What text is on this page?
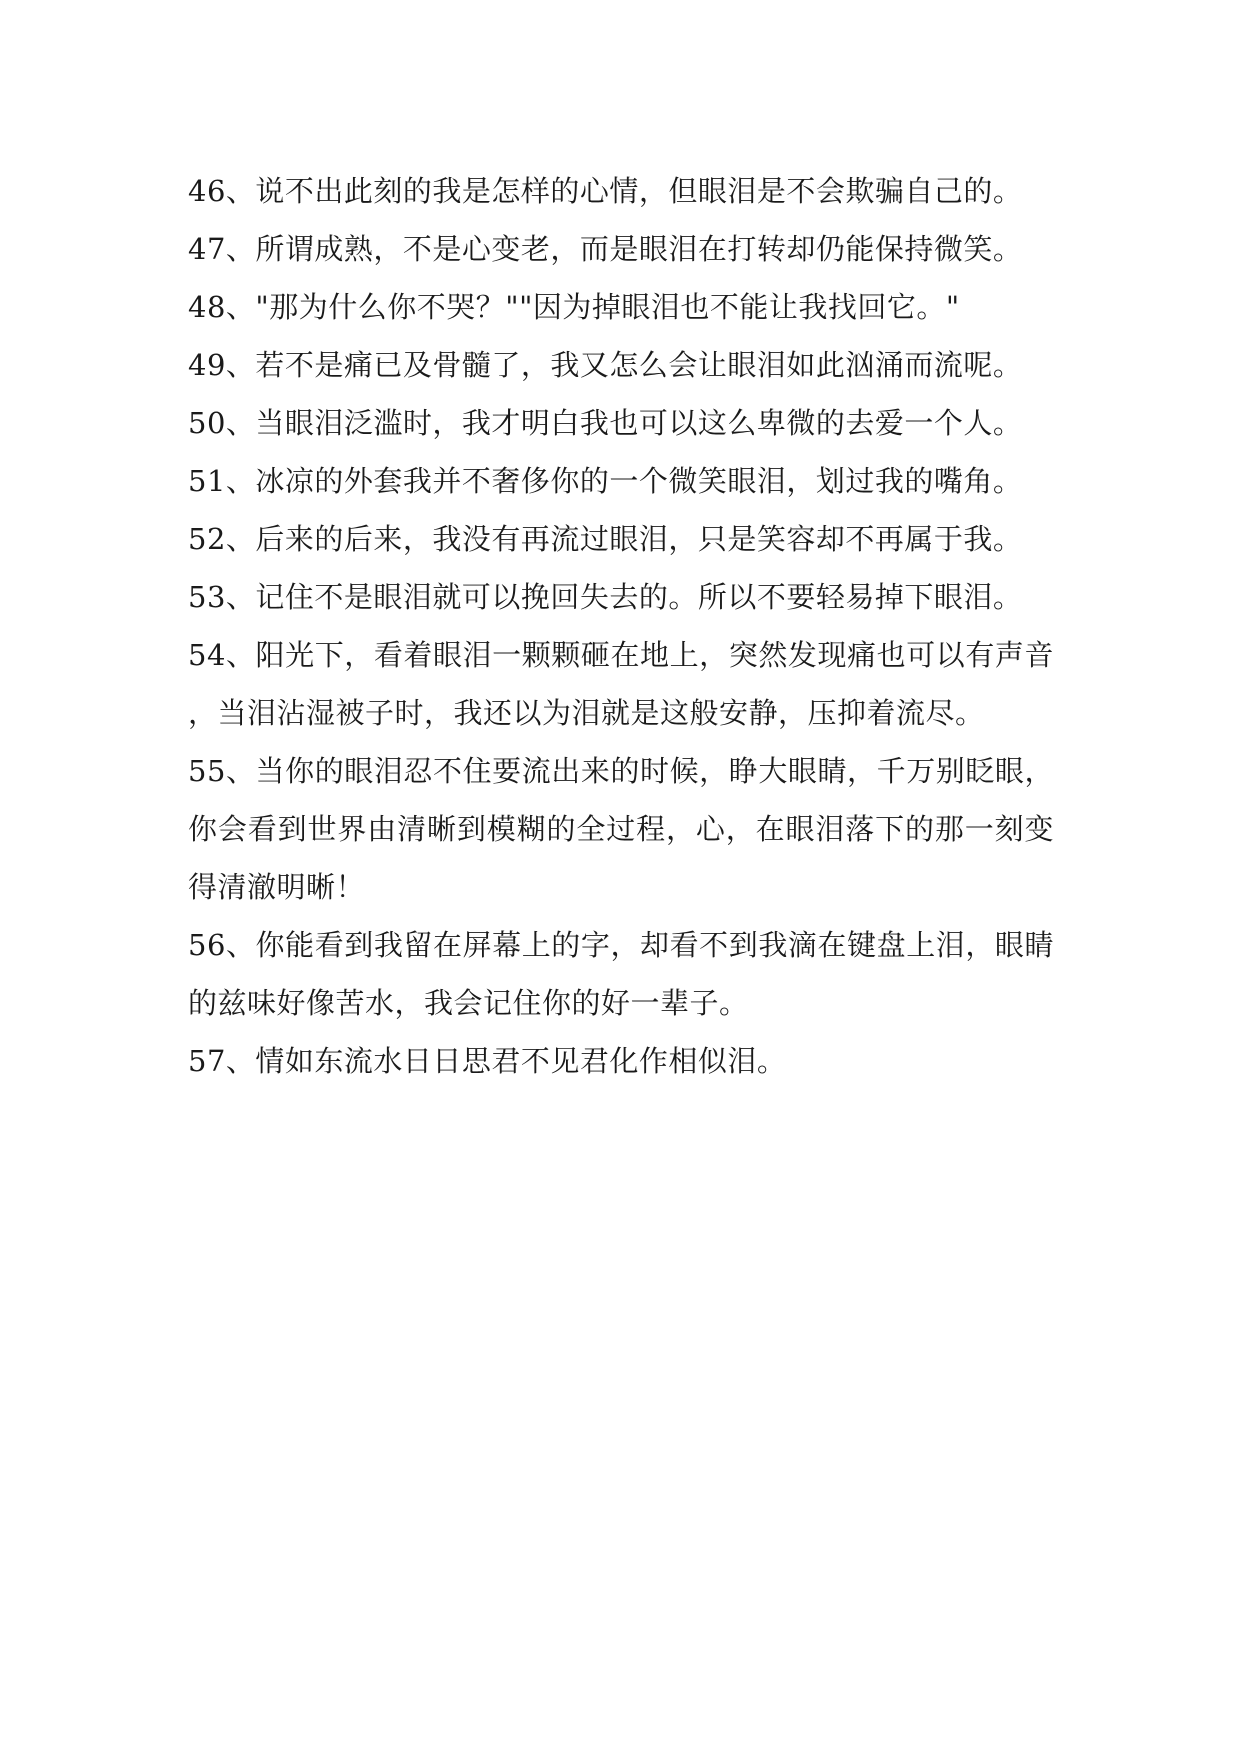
46、说不出此刻的我是怎样的心情，但眼泪是不会欺骗自己的。

47、所谓成熟，不是心变老，而是眼泪在打转却仍能保持微笑。

48、"那为什么你不哭？""因为掉眼泪也不能让我找回它。"

49、若不是痛已及骨髓了，我又怎么会让眼泪如此汹涌而流呢。

50、当眼泪泛滥时，我才明白我也可以这么卑微的去爱一个人。

51、冰凉的外套我并不奢侈你的一个微笑眼泪，划过我的嘴角。

52、后来的后来，我没有再流过眼泪，只是笑容却不再属于我。

53、记住不是眼泪就可以挽回失去的。所以不要轻易掉下眼泪。

54、阳光下，看着眼泪一颗颗砸在地上，突然发现痛也可以有声音，当泪沾湿被子时，我还以为泪就是这般安静，压抑着流尽。

55、当你的眼泪忍不住要流出来的时候，睁大眼睛，千万别眨眼，你会看到世界由清晰到模糊的全过程，心，在眼泪落下的那一刻变得清澈明晰！

56、你能看到我留在屏幕上的字，却看不到我滴在键盘上泪，眼睛的兹味好像苦水，我会记住你的好一辈子。

57、情如东流水日日思君不见君化作相似泪。
